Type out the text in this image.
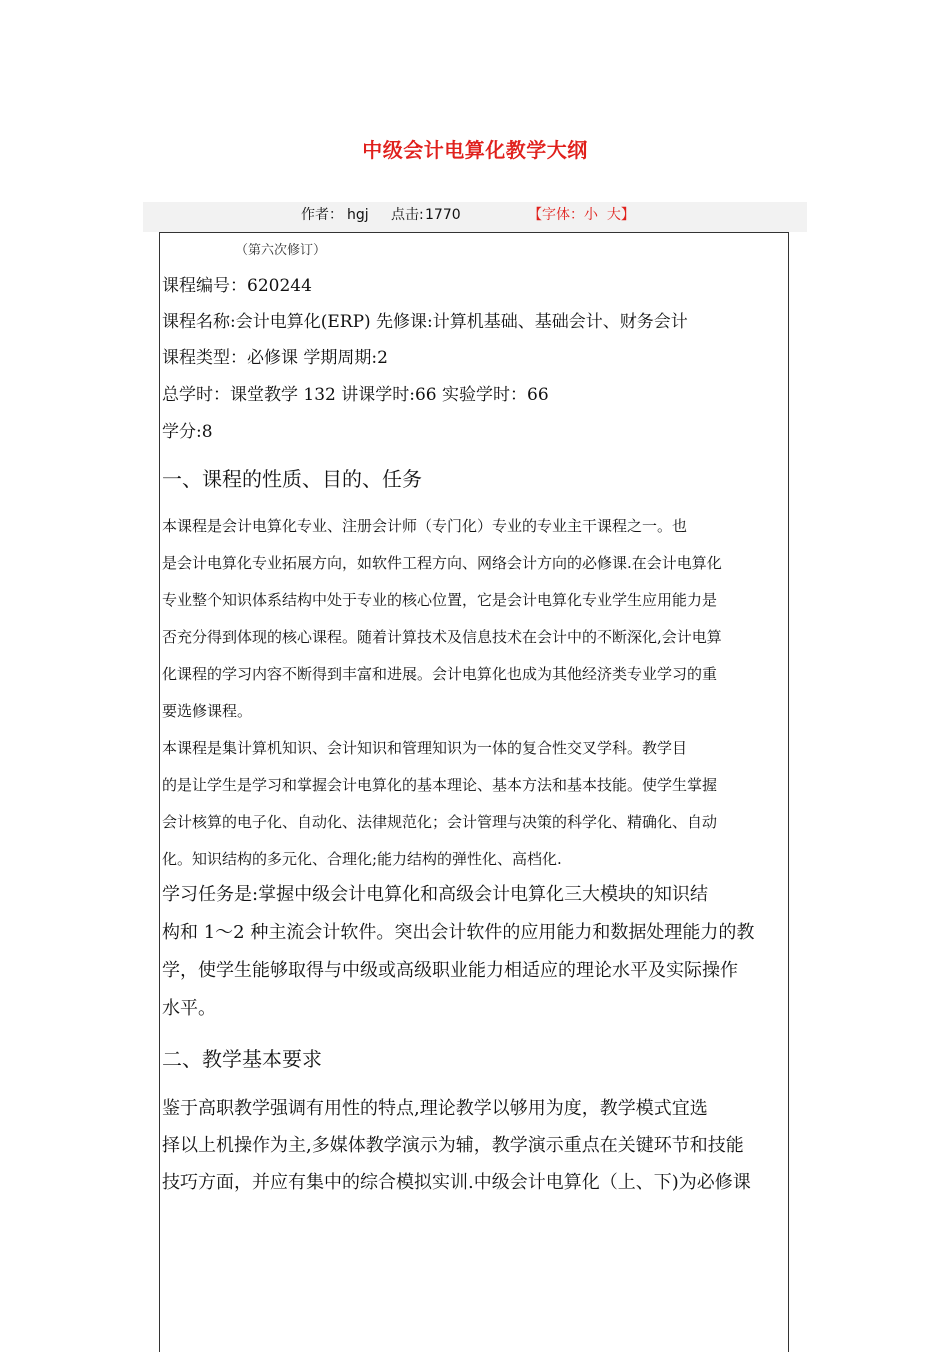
中级会计电算化教学大纲
作者： hgj 点击: 1770	【字体：小 大】
（第六次修订）
课程编号：620244
课程名称:会计电算化(ERP) 先修课:计算机基础、基础会计、财务会计
课程类型：必修课 学期周期:2
总学时：课堂教学 132 讲课学时:66 实验学时：66
学分:8
一、课程的性质、目的、任务
本课程是会计电算化专业、注册会计师（专门化）专业的专业主干课程之一。也
是会计电算化专业拓展方向，如软件工程方向、网络会计方向的必修课.在会计电算化
专业整个知识体系结构中处于专业的核心位置，它是会计电算化专业学生应用能力是
否充分得到体现的核心课程。随着计算技术及信息技术在会计中的不断深化,会计电算
化课程的学习内容不断得到丰富和进展。会计电算化也成为其他经济类专业学习的重
要选修课程。
本课程是集计算机知识、会计知识和管理知识为一体的复合性交叉学科。教学目
的是让学生是学习和掌握会计电算化的基本理论、基本方法和基本技能。使学生掌握
会计核算的电子化、自动化、法律规范化；会计管理与决策的科学化、精确化、自动
化。知识结构的多元化、合理化;能力结构的弹性化、高档化.
学习任务是:掌握中级会计电算化和高级会计电算化三大模块的知识结
构和 1～2 种主流会计软件。突出会计软件的应用能力和数据处理能力的教
学，使学生能够取得与中级或高级职业能力相适应的理论水平及实际操作
水平。
二、教学基本要求
鉴于高职教学强调有用性的特点,理论教学以够用为度，教学模式宜选
择以上机操作为主,多媒体教学演示为辅，教学演示重点在关键环节和技能
技巧方面，并应有集中的综合模拟实训.中级会计电算化（上、下)为必修课
